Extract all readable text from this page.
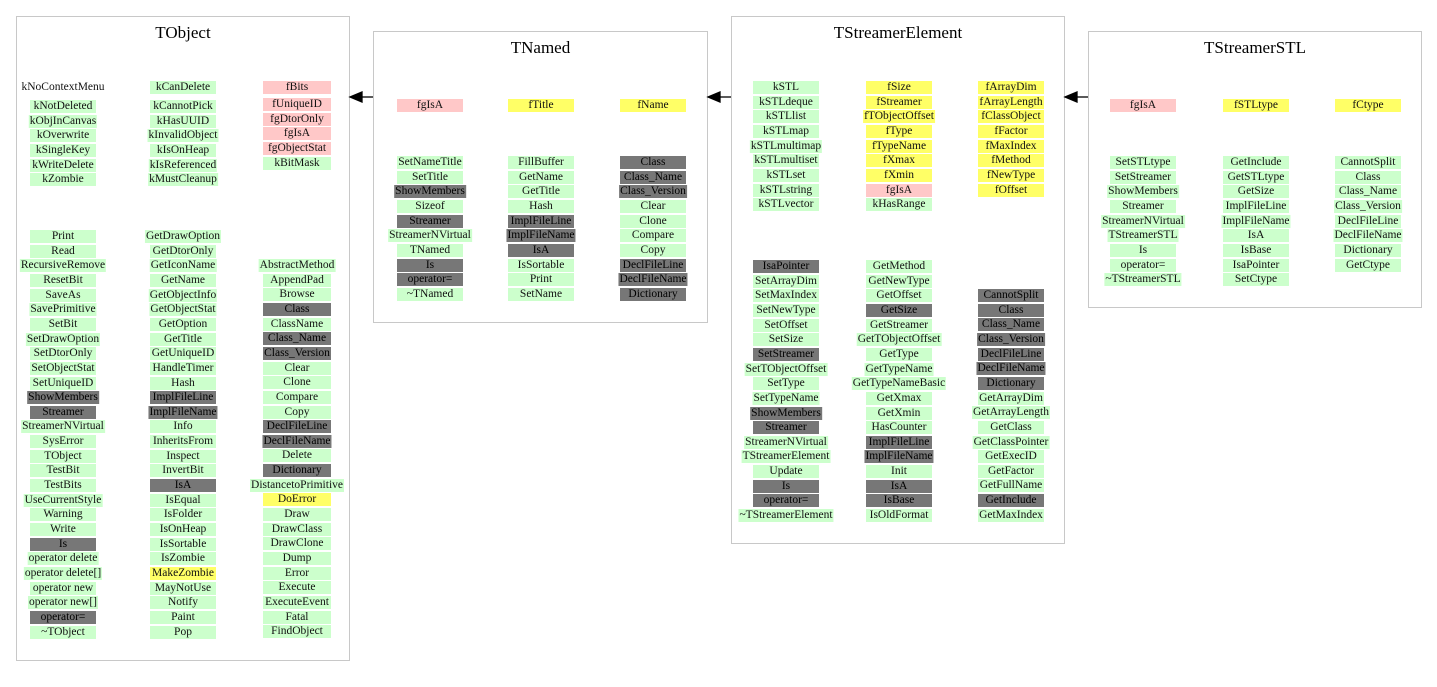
TObject
kNoContextMenu
kNotDeleted
kObjInCanvas
kOverwrite
kSingleKey
kWriteDelete
kZombie
Print
Read
RecursiveRemove
ResetBit
SaveAs
SavePrimitive
SetBit
SetDrawOption
SetDtorOnly
SetObjectStat
SetUniqueID
ShowMembers
Streamer
StreamerNVirtual
SysError
TObject
TestBit
TestBits
UseCurrentStyle
Warning
Write
Is
operator delete
operator delete[]
operator new
operator new[]
operator=
~TObject
kCanDelete
kCannotPick
kHasUUID
kInvalidObject
kIsOnHeap
kIsReferenced
kMustCleanup
GetDrawOption
GetDtorOnly
GetIconName
GetName
GetObjectInfo
GetObjectStat
GetOption
GetTitle
GetUniqueID
HandleTimer
Hash
ImplFileLine
ImplFileName
Info
InheritsFrom
Inspect
InvertBit
IsA
IsEqual
IsFolder
IsOnHeap
IsSortable
IsZombie
MakeZombie
MayNotUse
Notify
Paint
Pop
fBits
fUniqueID
fgDtorOnly
fgIsA
fgObjectStat
kBitMask
AbstractMethod
AppendPad
Browse
Class
ClassName
Class_Name
Class_Version
Clear
Clone
Compare
Copy
DeclFileLine
DeclFileName
Delete
Dictionary
DistancetoPrimitive
DoError
Draw
DrawClass
DrawClone
Dump
Error
Execute
ExecuteEvent
Fatal
FindObject
TNamed
fgIsA
SetNameTitle
SetTitle
ShowMembers
Sizeof
Streamer
StreamerNVirtual
TNamed
Is
operator=
~TNamed
fTitle
FillBuffer
GetName
GetTitle
Hash
ImplFileLine
ImplFileName
IsA
IsSortable
Print
SetName
fName
Class
Class_Name
Class_Version
Clear
Clone
Compare
Copy
DeclFileLine
DeclFileName
Dictionary
TStreamerElement
kSTL
kSTLdeque
kSTLlist
kSTLmap
kSTLmultimap
kSTLmultiset
kSTLset
kSTLstring
kSTLvector
IsaPointer
SetArrayDim
SetMaxIndex
SetNewType
SetOffset
SetSize
SetStreamer
SetTObjectOffset
SetType
SetTypeName
ShowMembers
Streamer
StreamerNVirtual
TStreamerElement
Update
Is
operator=
~TStreamerElement
fSize
fStreamer
fTObjectOffset
fType
fTypeName
fXmax
fXmin
fgIsA
kHasRange
GetMethod
GetNewType
GetOffset
GetSize
GetStreamer
GetTObjectOffset
GetType
GetTypeName
GetTypeNameBasic
GetXmax
GetXmin
HasCounter
ImplFileLine
ImplFileName
Init
IsA
IsBase
IsOldFormat
fArrayDim
fArrayLength
fClassObject
fFactor
fMaxIndex
fMethod
fNewType
fOffset
CannotSplit
Class
Class_Name
Class_Version
DeclFileLine
DeclFileName
Dictionary
GetArrayDim
GetArrayLength
GetClass
GetClassPointer
GetExecID
GetFactor
GetFullName
GetInclude
GetMaxIndex
TStreamerSTL
fgIsA
SetSTLtype
SetStreamer
ShowMembers
Streamer
StreamerNVirtual
TStreamerSTL
Is
operator=
~TStreamerSTL
fSTLtype
GetInclude
GetSTLtype
GetSize
ImplFileLine
ImplFileName
IsA
IsBase
IsaPointer
SetCtype
fCtype
CannotSplit
Class
Class_Name
Class_Version
DeclFileLine
DeclFileName
Dictionary
GetCtype
